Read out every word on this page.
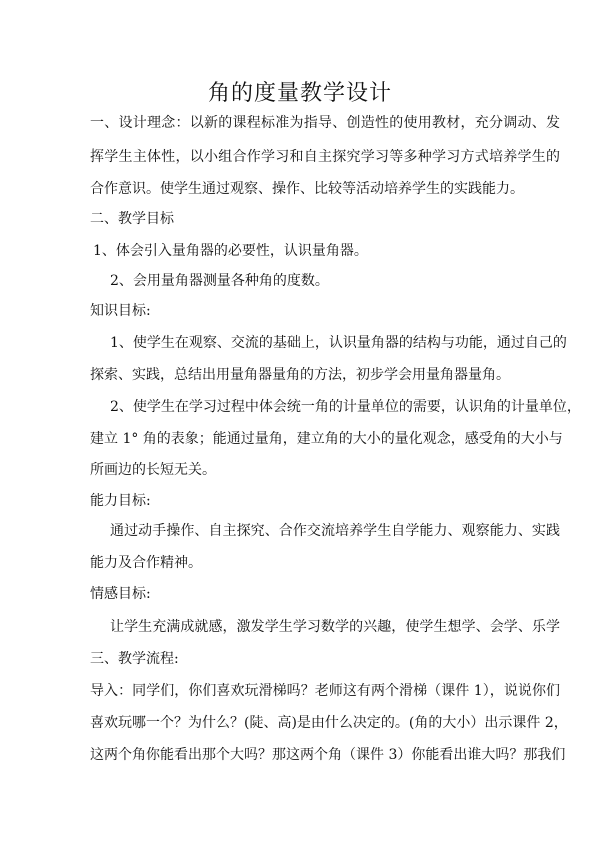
角的度量教学设计
一、设计理念：以新的课程标准为指导、创造性的使用教材，充分调动、发
挥学生主体性，以小组合作学习和自主探究学习等多种学习方式培养学生的
合作意识。使学生通过观察、操作、比较等活动培养学生的实践能力。
二、教学目标
1、体会引入量角器的必要性，认识量角器。
2、会用量角器测量各种角的度数。
知识目标:
1、使学生在观察、交流的基础上，认识量角器的结构与功能，通过自己的
探索、实践，总结出用量角器量角的方法，初步学会用量角器量角。
2、使学生在学习过程中体会统一角的计量单位的需要，认识角的计量单位，
建立 1° 角的表象；能通过量角，建立角的大小的量化观念，感受角的大小与
所画边的长短无关。
能力目标:
通过动手操作、自主探究、合作交流培养学生自学能力、观察能力、实践
能力及合作精神。
情感目标:
让学生充满成就感，激发学生学习数学的兴趣，使学生想学、会学、乐学
三、教学流程:
导入：同学们，你们喜欢玩滑梯吗？老师这有两个滑梯（课件 1），说说你们
喜欢玩哪一个？为什么？(陡、高)是由什么决定的。(角的大小）出示课件 2，
这两个角你能看出那个大吗？那这两个角（课件 3）你能看出谁大吗？那我们
